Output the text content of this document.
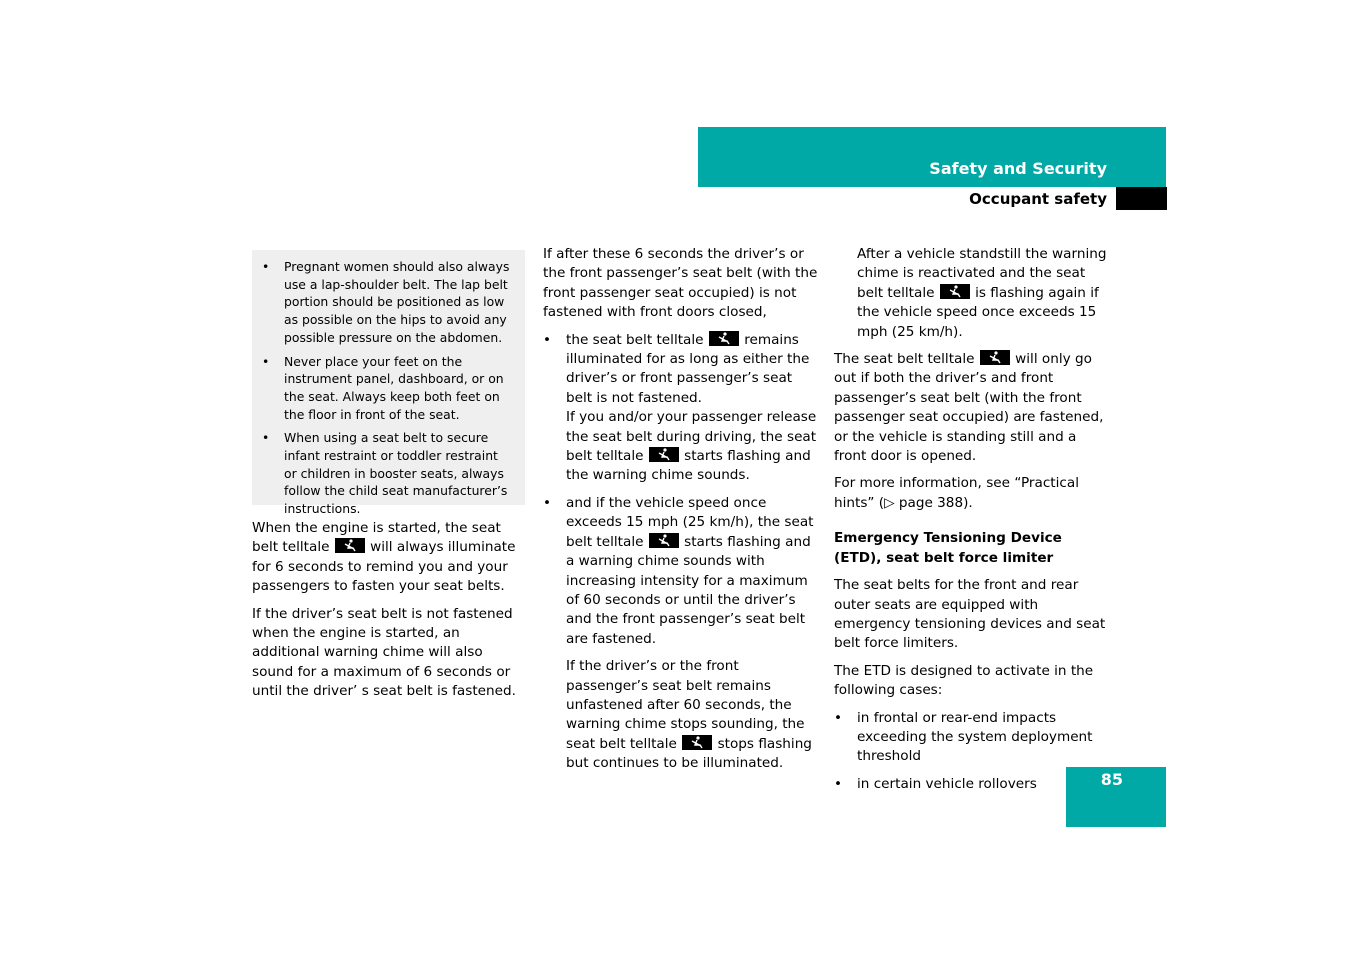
Safety and Security
Occupant safety
• Pregnant women should also always use a lap-shoulder belt. The lap belt portion should be positioned as low as possible on the hips to avoid any possible pressure on the abdomen.
• Never place your feet on the instrument panel, dashboard, or on the seat. Always keep both feet on the floor in front of the seat.
• When using a seat belt to secure infant restraint or toddler restraint or children in booster seats, always follow the child seat manufacturer’s instructions.

When the engine is started, the seat belt telltale	will always illuminate for 6 seconds to remind you and your passengers to fasten your seat belts.

If the driver’s seat belt is not fastened when the engine is started, an additional warning chime will also sound for a maximum of 6 seconds or until the driver’ s seat belt is fastened.

If after these 6 seconds the driver’s or the front passenger’s seat belt (with the front passenger seat occupied) is not fastened with front doors closed,

• the seat belt telltale	remains illuminated for as long as either the driver’s or front passenger’s seat belt is not fastened.
If you and/or your passenger release the seat belt during driving, the seat belt telltale	starts flashing and the warning chime sounds.
• and if the vehicle speed once exceeds 15 mph (25 km/h), the seat belt telltale	starts flashing and a warning chime sounds with increasing intensity for a maximum of 60 seconds or until the driver’s and the front passenger’s seat belt are fastened.

If the driver’s or the front passenger’s seat belt remains unfastened after 60 seconds, the warning chime stops sounding, the seat belt telltale	stops flashing but continues to be illuminated.

After a vehicle standstill the warning chime is reactivated and the seat belt telltale	is flashing again if the vehicle speed once exceeds 15 mph (25 km/h).

The seat belt telltale	will only go out if both the driver’s and front passenger’s seat belt (with the front passenger seat occupied) are fastened, or the vehicle is standing still and a front door is opened.

For more information, see “Practical hints” (▷ page 388).

Emergency Tensioning Device (ETD), seat belt force limiter

The seat belts for the front and rear outer seats are equipped with emergency tensioning devices and seat belt force limiters.

The ETD is designed to activate in the following cases:

• in frontal or rear-end impacts exceeding the system deployment threshold
• in certain vehicle rollovers	85
